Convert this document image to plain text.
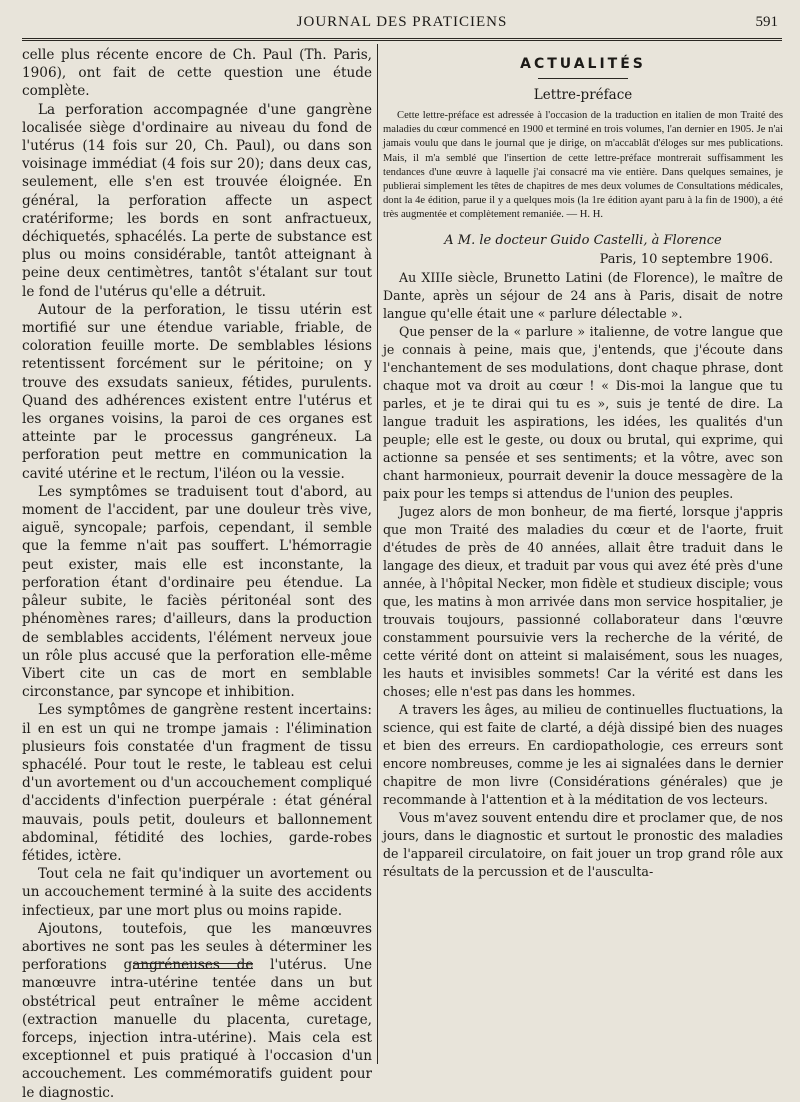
JOURNAL DES PRATICIENS	591

celle plus récente encore de Ch. Paul (Th. Paris, 1906), ont fait de cette question une étude complète.

La perforation accompagnée d'une gangrène localisée siège d'ordinaire au niveau du fond de l'utérus (14 fois sur 20, Ch. Paul), ou dans son voisinage immédiat (4 fois sur 20); dans deux cas, seulement, elle s'en est trouvée éloignée. En général, la perforation affecte un aspect cratériforme; les bords en sont anfractueux, déchiquetés, sphacélés. La perte de substance est plus ou moins considérable, tantôt atteignant à peine deux centimètres, tantôt s'étalant sur tout le fond de l'utérus qu'elle a détruit.

Autour de la perforation, le tissu utérin est mortifié sur une étendue variable, friable, de coloration feuille morte. De semblables lésions retentissent forcément sur le péritoine; on y trouve des exsudats sanieux, fétides, purulents. Quand des adhérences existent entre l'utérus et les organes voisins, la paroi de ces organes est atteinte par le processus gangréneux. La perforation peut mettre en communication la cavité utérine et le rectum, l'iléon ou la vessie.

Les symptômes se traduisent tout d'abord, au moment de l'accident, par une douleur très vive, aiguë, syncopale; parfois, cependant, il semble que la femme n'ait pas souffert. L'hémorragie peut exister, mais elle est inconstante, la perforation étant d'ordinaire peu étendue. La pâleur subite, le faciès péritonéal sont des phénomènes rares; d'ailleurs, dans la production de semblables accidents, l'élément nerveux joue un rôle plus accusé que la perforation elle-même Vibert cite un cas de mort en semblable circonstance, par syncope et inhibition.

Les symptômes de gangrène restent incertains: il en est un qui ne trompe jamais : l'élimination plusieurs fois constatée d'un fragment de tissu sphacélé. Pour tout le reste, le tableau est celui d'un avortement ou d'un accouchement compliqué d'accidents d'infection puerpérale : état général mauvais, pouls petit, douleurs et ballonnement abdominal, fétidité des lochies, garde-robes fétides, ictère.

Tout cela ne fait qu'indiquer un avortement ou un accouchement terminé à la suite des accidents infectieux, par une mort plus ou moins rapide.

Ajoutons, toutefois, que les manœuvres abortives ne sont pas les seules à déterminer les perforations gangréneuses de l'utérus. Une manœuvre intra-utérine tentée dans un but obstétrical peut entraîner le même accident (extraction manuelle du placenta, curetage, forceps, injection intra-utérine). Mais cela est exceptionnel et puis pratiqué à l'occasion d'un accouchement. Les commémoratifs guident pour le diagnostic.

ACTUALITÉS
Lettre-préface

Cette lettre-préface est adressée à l'occasion de la traduction en italien de mon Traité des maladies du cœur commencé en 1900 et terminé en trois volumes, l'an dernier en 1905. Je n'ai jamais voulu que dans le journal que je dirige, on m'accablât d'éloges sur mes publications. Mais, il m'a semblé que l'insertion de cette lettre-préface montrerait suffisamment les tendances d'une œuvre à laquelle j'ai consacré ma vie entière. Dans quelques semaines, je publierai simplement les têtes de chapitres de mes deux volumes de Consultations médicales, dont la 4e édition, parue il y a quelques mois (la 1re édition ayant paru à la fin de 1900), a été très augmentée et complètement remaniée. — H. H.

A M. le docteur Guido Castelli, à Florence
Paris, 10 septembre 1906.

Au XIIIe siècle, Brunetto Latini (de Florence), le maître de Dante, après un séjour de 24 ans à Paris, disait de notre langue qu'elle était une « parlure délectable ».

Que penser de la « parlure » italienne, de votre langue que je connais à peine, mais que, j'entends, que j'écoute dans l'enchantement de ses modulations, dont chaque phrase, dont chaque mot va droit au cœur ! « Dis-moi la langue que tu parles, et je te dirai qui tu es », suis je tenté de dire. La langue traduit les aspirations, les idées, les qualités d'un peuple; elle est le geste, ou doux ou brutal, qui exprime, qui actionne sa pensée et ses sentiments; et la vôtre, avec son chant harmonieux, pourrait devenir la douce messagère de la paix pour les temps si attendus de l'union des peuples.

Jugez alors de mon bonheur, de ma fierté, lorsque j'appris que mon Traité des maladies du cœur et de l'aorte, fruit d'études de près de 40 années, allait être traduit dans le langage des dieux, et traduit par vous qui avez été près d'une année, à l'hôpital Necker, mon fidèle et studieux disciple; vous que, les matins à mon arrivée dans mon service hospitalier, je trouvais toujours, passionné collaborateur dans l'œuvre constamment poursuivie vers la recherche de la vérité, de cette vérité dont on atteint si malaisément, sous les nuages, les hauts et invisibles sommets! Car la vérité est dans les choses; elle n'est pas dans les hommes.

A travers les âges, au milieu de continuelles fluctuations, la science, qui est faite de clarté, a déjà dissipé bien des nuages et bien des erreurs. En cardiopathologie, ces erreurs sont encore nombreuses, comme je les ai signalées dans le dernier chapitre de mon livre (Considérations générales) que je recommande à l'attention et à la méditation de vos lecteurs.

Vous m'avez souvent entendu dire et proclamer que, de nos jours, dans le diagnostic et surtout le pronostic des maladies de l'appareil circulatoire, on fait jouer un trop grand rôle aux résultats de la percussion et de l'ausculta-
